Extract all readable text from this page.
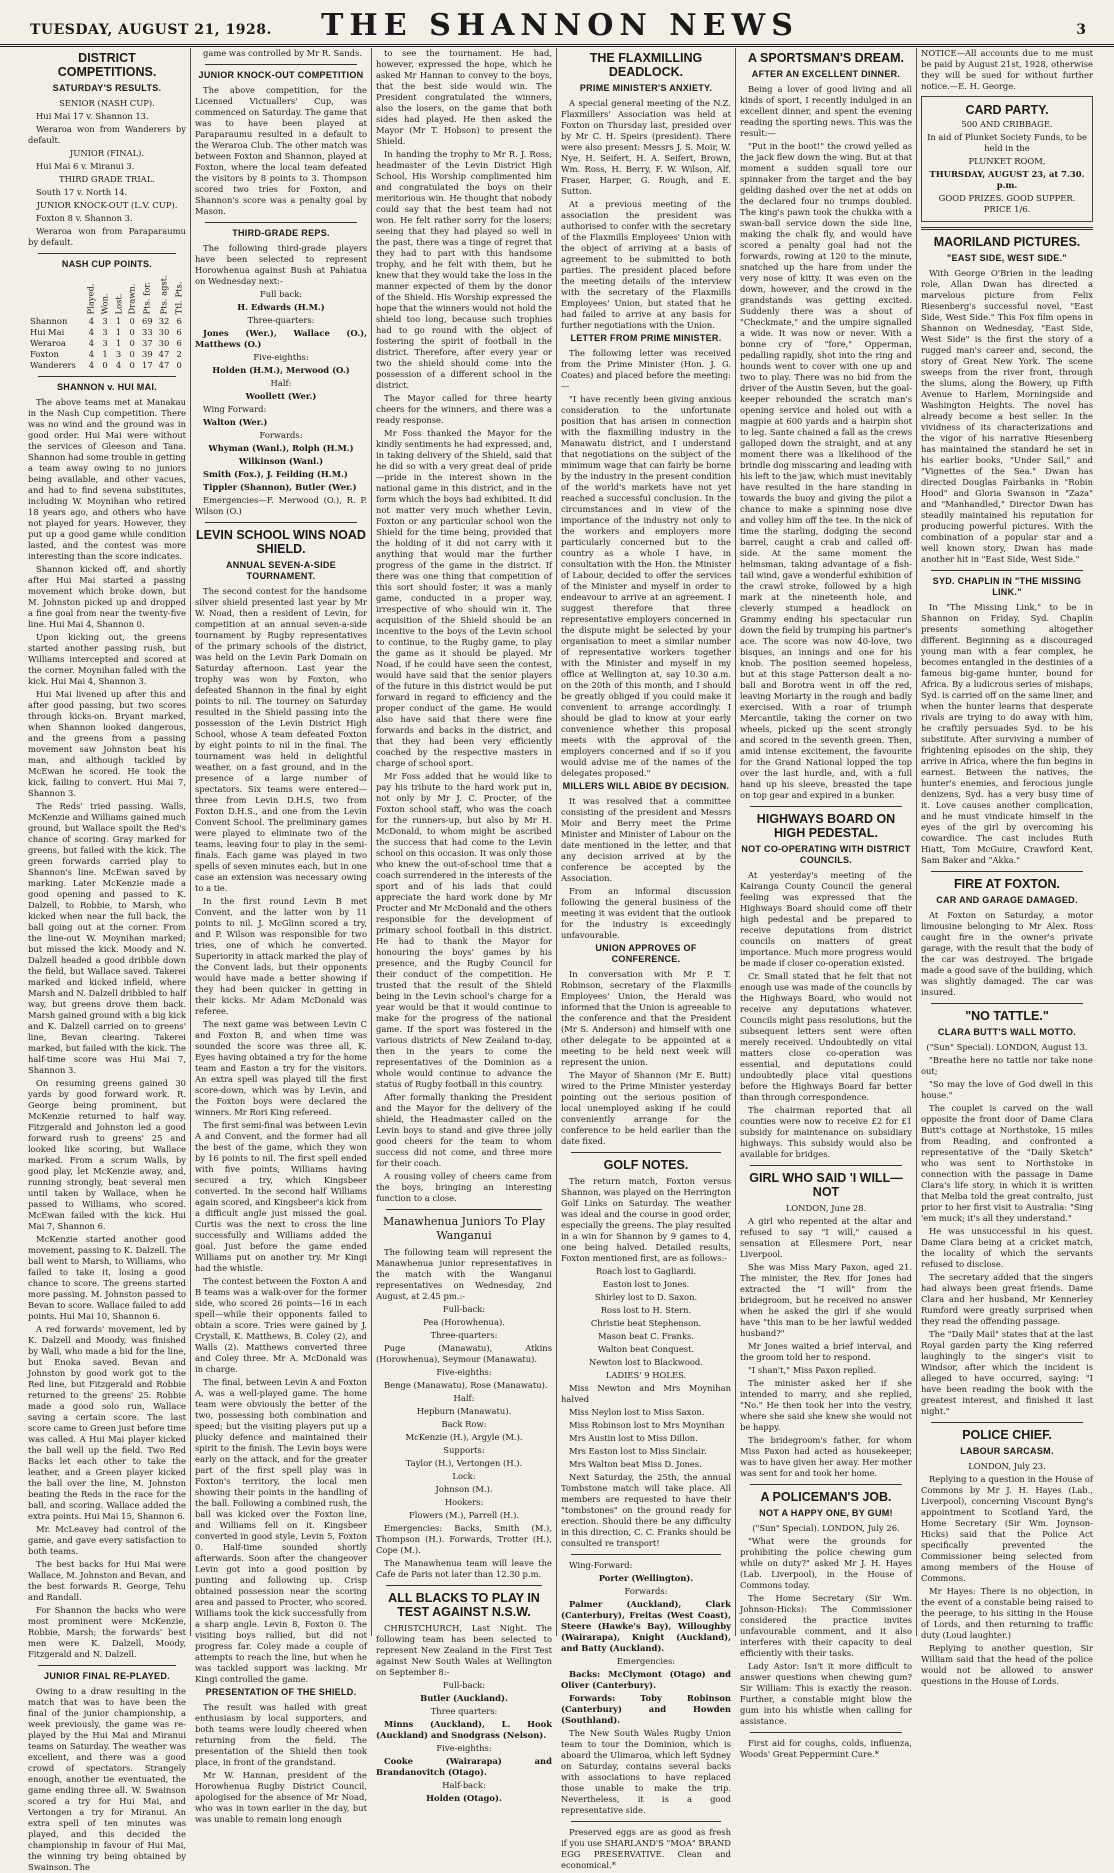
TUESDAY, AUGUST 21, 1928.	THE SHANNON NEWS	3
DISTRICT COMPETITIONS.
SATURDAY'S RESULTS.

SENIOR (NASH CUP).

Hui Mai 17 v. Shannon 13.

Weraroa won from Wanderers by default.

JUNIOR (FINAL).

Hui Mai 6 v. Miranui 3.

THIRD GRADE TRIAL.

South 17 v. North 14.

JUNIOR KNOCK-OUT (L.V. CUP).

Foxton 8 v. Shannon 3.

Weraroa won from Paraparaumu by default.

NASH CUP POINTS.
	Played.	Won.	Lost.	Drawn.	Pts. for.	Pts. agst.	Ttl. Pts.
Shannon	4	3	1	0	69	32	6
Hui Mai	4	3	1	0	33	30	6
Weraroa	4	3	1	0	37	30	6
Foxton	4	1	3	0	39	47	2
Wanderers	4	0	4	0	17	47	0
SHANNON v. HUI MAI.

The above teams met at Manakau in the Nash Cup competition. There was no wind and the ground was in good order. Hui Mai were without the services of Gleeson and Tana. Shannon had some trouble in getting a team away owing to no juniors being available, and other vacues, and had to find sevena substitutes, including W. Moynihan who retired 18 years ago, and others who have not played for years. However, they put up a good game while condition lasted, and the contest was more interesting than the score indicates.

Shannon kicked off, and shortly after Hui Mai started a passing movement which broke down, but M. Johnston picked up and dropped a fine goal from near the twenty-five line. Hui Mai 4, Shannon 0.

Upon kicking out, the greens started another passing rush, but Williams intercepted and scored at the corner. Moynihan failed with the kick. Hui Mai 4, Shannon 3.

Hui Mai livened up after this and after good passing, but two scores through kicks-on. Bryant marked, when Shannon looked dangerous, and the greens from a passing movement saw Johnston beat his man, and although tackled by McEwan he scored. He took the kick, failing to convert. Hui Mai 7, Shannon 3.

The Reds' tried passing. Walls, McKenzie and Williams gained much ground, but Wallace spoilt the Red's chance of scoring. Gray marked for greens, but failed with the kick. The green forwards carried play to Shannon's line. McEwan saved by marking. Later McKenzie made a good opening and passed to K. Dalzell, to Robbie, to Marsh, who kicked when near the full back, the ball going out at the corner. From the line-out W. Moynihan marked; but missed the kick. Moody and N. Dalzell headed a good dribble down the field, but Wallace saved. Takerei marked and kicked infield, where Marsh and N. Dalzell dribbled to half way, but greens drove them back. Marsh gained ground with a big kick and K. Dalzell carried on to greens' line, Bevan clearing. Takerei marked, but failed with the kick. The half-time score was Hui Mai 7, Shannon 3.

On resuming greens gained 30 yards by good forward work. R. George being prominent, but McKenzie returned to half way. Fitzgerald and Johnston led a good forward rush to greens' 25 and looked like scoring, but Wallace marked. From a scrum Walls, by good play, let McKenzie away, and, running strongly, beat several men until taken by Wallace, when he passed to Williams, who scored. McEwan failed with the kick. Hui Mai 7, Shannon 6.

McKenzie started another good movement, passing to K. Dalzell. The ball went to Marsh, to Williams, who failed to take it, losing a good chance to score. The greens started more passing. M. Johnston passed to Bevan to score. Wallace failed to add points. Hui Mai 10, Shannon 6.

A red forwards' movement, led by K. Dalzell and Moody, was finished by Wall, who made a bid for the line, but Enoka saved. Bevan and Johnston by good work got to the Red line, but Fitzgerald and Robbie returned to the greens' 25. Robbie made a good solo run, Wallace saving a certain score. The last score came to Green just before time was called. A Hui Mai player kicked the ball well up the field. Two Red Backs let each other to take the leather, and a Green player kicked the ball over the line, M. Johnston beating the Reds in the race for the ball, and scoring. Wallace added the extra points. Hui Mai 15, Shannon 6.

Mr. McLeavey had control of the game, and gave every satisfaction to both teams.

The best backs for Hui Mai were Wallace, M. Johnston and Bevan, and the best forwards R. George, Tehu and Randall.

For Shannon the backs who were most prominent were McKenzie, Robbie, Marsh; the forwards' best men were K. Dalzell, Moody, Fitzgerald and N. Dalzell.

JUNIOR FINAL RE-PLAYED.

Owing to a draw resulting in the match that was to have been the final of the junior championship, a week previously, the game was re-played by the Hui Mai and Miranui teams on Saturday. The weather was excellent, and there was a good crowd of spectators. Strangely enough, another tie eventuated, the game ending three all. W. Swainson scored a try for Hui Mai, and Vertongen a try for Miranui. An extra spell of ten minutes was played, and this decided the championship in favour of Hui Mai, the winning try being obtained by Swainson. The

game was controlled by Mr R. Sands.

JUNIOR KNOCK-OUT COMPETITION

The above competition, for the Licensed Victuallers' Cup, was commenced on Saturday. The game that was to have been played at Paraparaumu resulted in a default to the Weraroa Club. The other match was between Foxton and Shannon, played at Foxton, where the local team defeated the visitors by 8 points to 3. Thompson scored two tries for Foxton, and Shannon's score was a penalty goal by Mason.

THIRD-GRADE REPS.

The following third-grade players have been selected to represent Horowhenua against Bush at Pahiatua on Wednesday next:-

Full back:

H. Edwards (H.M.)

Three-quarters:

Jones (Wer.), Wallace (O.), Matthews (O.)

Five-eighths:

Holden (H.M.), Merwood (O.)

Half:

Woollett (Wer.)

Wing Forward:

Walton (Wer.)

Forwards:

Whyman (Wanl.), Rolph (H.M.)

Wilkinson (Wanl.)

Smith (Fox.), J. Feilding (H.M.)

Tippler (Shannon), Butler (Wer.)

Emergencies—F. Merwood (O.), R. P. Wilson (O.)

LEVIN SCHOOL WINS NOAD SHIELD.
ANNUAL SEVEN-A-SIDE TOURNAMENT.

The second contest for the handsome silver shield presented last year by Mr W. Noad, then a resident of Levin, for competition at an annual seven-a-side tournament by Rugby representatives of the primary schools of the district, was held on the Levin Park Domain on Saturday afternoon. Last year the trophy was won by Foxton, who defeated Shannon in the final by eight points to nil. The tourney on Saturday resulted in the Shield passing into the possession of the Levin District High School, whose A team defeated Foxton by eight points to nil in the final. The tournament was held in delightful weather, on a fast ground, and in the presence of a large number of spectators. Six teams were entered—three from Levin D.H.S, two from Foxton D.H.S., and one from the Levin Convent School. The preliminary games were played to eliminate two of the teams, leaving four to play in the semi-finals. Each game was played in two spells of seven minutes each, but in one case an extension was necessary owing to a tie.

In the first round Levin B met Convent, and the latter won by 11 points to nil. J. McGlinn scored a try, and P. Wilson was responsible for two tries, one of which he converted. Superiority in attack marked the play of the Convent lads, but their opponents would have made a better showing if they had been quicker in getting in their kicks. Mr Adam McDonald was referee.

The next game was between Levin C and Foxton B, and when time was sounded the score was three all, K. Eyes having obtained a try for the home team and Easton a try for the visitors. An extra spell was played till the first score-down, which was by Levin, and the Foxton boys were declared the winners. Mr Rori King refereed.

The first semi-final was between Levin A and Convent, and the former had all the best of the game, which they won by 16 points to nil. The first spell ended with five points, Williams having secured a try, which Kingsbeer converted. In the second half Williams again scored, and Kingsbeer's kick from a difficult angle just missed the goal. Curtis was the next to cross the line successfully and Williams added the goal. Just before the game ended Williams put on another try. Mr Kingi had the whistle.

The contest between the Foxton A and B teams was a walk-over for the former side, who scored 26 points—16 in each spell—while their opponents failed to obtain a score. Tries were gained by J. Crystall, K. Matthews, B. Coley (2), and Walls (2). Matthews converted three and Coley three. Mr A. McDonald was in charge.

The final, between Levin A and Foxton A, was a well-played game. The home team were obviously the better of the two, possessing both combination and speed; but the visiting players put up a plucky defence and maintained their spirit to the finish. The Levin boys were early on the attack, and for the greater part of the first spell play was in Foxton's territory, the local men showing their points in the handling of the ball. Following a combined rush, the ball was kicked over the Foxton line, and Williams fell on it. Kingsbeer converted in good style, Levin 5, Foxton 0. Half-time sounded shortly afterwards. Soon after the changeover Levin got into a good position by punting and following up. Crisp obtained possession near the scoring area and passed to Procter, who scored. Williams took the kick successfully from a sharp angle. Levin 8, Foxton 0. The visiting boys rallied, but did not progress far. Coley made a couple of attempts to reach the line, but when he was tackled support was lacking. Mr Kingi controlled the game.

PRESENTATION OF THE SHIELD.

The result was hailed with great enthusiasm by local supporters, and both teams were loudly cheered when returning from the field. The presentation of the Shield then took place, in front of the grandstand.

Mr W. Hannan, president of the Horowhenua Rugby District Council, apologised for the absence of Mr Noad, who was in town earlier in the day, but was unable to remain long enough

to see the tournament. He had, however, expressed the hope, which he asked Mr Hannan to convey to the boys, that the best side would win. The President congratulated the winners, also the losers, on the game that both sides had played. He then asked the Mayor (Mr T. Hobson) to present the Shield.

In handing the trophy to Mr R. J. Ross, headmaster of the Levin District High School, His Worship complimented him and congratulated the boys on their meritorious win. He thought that nobody could say that the best team had not won. He felt rather sorry for the losers; seeing that they had played so well in the past, there was a tinge of regret that they had to part with this handsome trophy, and he felt with them, but he knew that they would take the loss in the manner expected of them by the donor of the Shield. His Worship expressed the hope that the winners would not hold the shield too long, because such trophies had to go round with the object of fostering the spirit of football in the district. Therefore, after every year or two the shield should come into the possession of a different school in the district.

The Mayor called for three hearty cheers for the winners, and there was a ready response.

Mr Foss thanked the Mayor for the kindly sentiments he had expressed, and, in taking delivery of the Shield, said that he did so with a very great deal of pride—pride in the interest shown in the national game in this district, and in the form which the boys had exhibited. It did not matter very much whether Levin, Foxton or any particular school won the Shield for the time being, provided that the holding of it did not carry with it anything that would mar the further progress of the game in the district. If there was one thing that competition of this sort should foster, it was a manly game, conducted in a proper way, irrespective of who should win it. The acquisition of the Shield should be an incentive to the boys of the Levin school to continue, to the Rugby game, to play the game as it should be played. Mr Noad, if he could have seen the contest, would have said that the senior players of the future in this district would be put forward in regard to efficiency and the proper conduct of the game. He would also have said that there were fine forwards and backs in the district, and that they had been very efficiently coached by the respective masters in charge of school sport.

Mr Foss added that he would like to pay his tribute to the hard work put in, not only by Mr J. C. Procter, of the Foxton school staff, who was the coach for the runners-up, but also by Mr H. McDonald, to whom might be ascribed the success that had come to the Levin school on this occasion. It was only those who knew the out-of-school time that a coach surrendered in the interests of the sport and of his lads that could appreciate the hard work done by Mr Procter and Mr McDonald and the others responsible for the development of primary school football in this district. He had to thank the Mayor for honouring the boys' games by his presence, and the Rugby Council for their conduct of the competition. He trusted that the result of the Shield being in the Levin school's charge for a year would be that it would continue to make for the progress of the national game. If the sport was fostered in the various districts of New Zealand to-day, then in the years to come the representatives of the Dominion as a whole would continue to advance the status of Rugby football in this country.

After formally thanking the President and the Mayor for the delivery of the shield, the Headmaster called on the Levin boys to stand and give three jolly good cheers for the team to whom success did not come, and three more for their coach.

A rousing volley of cheers came from the boys, bringing an interesting function to a close.

Manawhenua Juniors To Play Wanganui

The following team will represent the Manawhenua junior representatives in the match with the Wanganui representatives on Wednesday, 2nd August, at 2.45 pm.:-

Full-back:

Pea (Horowhenua).

Three-quarters:

Puge (Manawatu), Atkins (Horowhenua), Seymour (Manawatu).

Five-eighths:

Benge (Manawatu), Rose (Manawatu).

Half:

Hepburn (Manawatu).

Back Row:

McKenzie (H.), Argyle (M.).

Supports:

Taylor (H.), Vertongen (H.).

Lock:

Johnson (M.).

Hookers:

Flowers (M.), Parrell (H.).

Emergencies: Backs, Smith (M.), Thompson (H.). Forwards, Trotter (H.), Cope (M.).

The Manawhenua team will leave the Cafe de Paris not later than 12.30 p.m.

ALL BLACKS TO PLAY IN TEST AGAINST N.S.W.

CHRISTCHURCH, Last Night. The following team has been selected to represent New Zealand in the First Test against New South Wales at Wellington on September 8:-

Full-back:

Butler (Auckland).

Three quarters:

Minns (Auckland), L. Hook (Auckland) and Snodgrass (Nelson).

Five-eighths:

Cooke (Wairarapa) and Brandanovitch (Otago).

Half-back:

Holden (Otago).

THE FLAXMILLING DEADLOCK.
PRIME MINISTER'S ANXIETY.

A special general meeting of the N.Z. Flaxmillers' Association was held at Foxton on Thursday last, presided over by Mr C. H. Speirs (president). There were also present: Messrs J. S. Moir, W. Nye, H. Seifert, H. A. Seifert, Brown, Wm. Ross, H. Berry, F. W. Wilson, Alf. Fraser, Harper, G. Rough, and E. Sutton.

At a previous meeting of the association the president was authorised to confer with the secretary of the Flaxmills Employees' Union with the object of arriving at a basis of agreement to be submitted to both parties. The president placed before the meeting details of the interview with the secretary of the Flaxmills Employees' Union, but stated that he had failed to arrive at any basis for further negotiations with the Union.

LETTER FROM PRIME MINISTER.

The following letter was received from the Prime Minister (Hon. J. G. Coates) and placed before the meeting:—

"I have recently been giving anxious consideration to the unfortunate position that has arisen in connection with the flaxmilling industry in the Manawatu district, and I understand that negotiations on the subject of the minimum wage that can fairly be borne by the industry in the present condition of the world's markets have not yet reached a successful conclusion. In the circumstances and in view of the importance of the industry not only to the workers and employers more particularly concerned but to the country as a whole I have, in consultation with the Hon. the Minister of Labour, decided to offer the services of the Minister and myself in order to endeavour to arrive at an agreement. I suggest therefore that three representative employers concerned in the dispute might be selected by your organisation to meet a similar number of representative workers together with the Minister and myself in my office at Wellington at, say 10.30 a.m. on the 20th of this month, and I should be greatly obliged if you could make it convenient to arrange accordingly. I should be glad to know at your early convenience whether this proposal meets with the approval of the employers concerned and if so if you would advise me of the names of the delegates proposed."

MILLERS WILL ABIDE BY DECISION.

It was resolved that a committee consisting of the president and Messrs Moir and Berry meet the Prime Minister and Minister of Labour on the date mentioned in the letter, and that any decision arrived at by the conference be accepted by the Association.

From an informal discussion following the general business of the meeting it was evident that the outlook for the industry is exceedingly unfavourable.

UNION APPROVES OF CONFERENCE.

In conversation with Mr P. T. Robinson, secretary of the Flaxmills Employees' Union, the Herald was informed that the Union is agreeable to the conference and that the President (Mr S. Anderson) and himself with one other delegate to be appointed at a meeting to be held next week will represent the union.

The Mayor of Shannon (Mr E. Butt) wired to the Prime Minister yesterday pointing out the serious position of local unemployed asking if he could conveniently arrange for the conference to be held earlier than the date fixed.

GOLF NOTES.

The return match, Foxton versus Shannon, was played on the Herrington Golf Links on Saturday. The weather was ideal and the course in good order, especially the greens. The play resulted in a win for Shannon by 9 games to 4, one being halved. Detailed results, Foxton mentioned first, are as follows:-

Roach lost to Gagliardi.

Easton lost to Jones.

Shirley lost to D. Saxon.

Ross lost to H. Stern.

Christie beat Stephenson.

Mason beat C. Franks.

Walton beat Conquest.

Newton lost to Blackwood.

LADIES' 9 HOLES.

Miss Newton and Mrs Moynihan halved

Miss Neylon lost to Miss Saxon.

Miss Robinson lost to Mrs Moynihan

Mrs Austin lost to Miss Dillon.

Mrs Easton lost to Miss Sinclair.

Mrs Walton beat Miss D. Jones.

Next Saturday, the 25th, the annual Tombstone match will take place. All members are requested to have their "tombstones" on the ground ready for erection. Should there be any difficulty in this direction, C. C. Franks should be consulted re transport!

Wing-Forward:

Porter (Wellington).

Forwards:

Palmer (Auckland), Clark (Canterbury), Freitas (West Coast), Steere (Hawke's Bay), Willoughby (Wairarapa), Knight (Auckland), and Batty (Auckland).

Emergencies:

Backs: McClymont (Otago) and Oliver (Canterbury).

Forwards: Toby Robinson (Canterbury) and Howden (Southland).

The New South Wales Rugby Union team to tour the Dominion, which is aboard the Ulimaroa, which left Sydney on Saturday, contains several backs with associations to have replaced those unable to make the trip. Nevertheless, it is a good representative side.

Preserved eggs are as good as fresh if you use SHARLAND'S "MOA" BRAND EGG PRESERVATIVE. Clean and economical.*

A SPORTSMAN'S DREAM.
AFTER AN EXCELLENT DINNER.

Being a lover of good living and all kinds of sport, I recently indulged in an excellent dinner, and spent the evening reading the sporting news. This was the result:—

"Put in the boot!" the crowd yelled as the jack flew down the wing. But at that moment a sudden squall tore our spinnaker from the target and the bay gelding dashed over the net at odds on the declared four no trumps doubled. The king's pawn took the chukka with a swan-ball service down the side line, making the chalk fly, and would have scored a penalty goal had not the forwards, rowing at 120 to the minute, snatched up the hare from under the very nose of kitty. It was even on the down, however, and the crowd in the grandstands was getting excited. Suddenly there was a shout of "Checkmate," and the umpire signalled a wide. It was now or never. With a bonne cry of "fore," Opperman, pedalling rapidly, shot into the ring and hounds went to cover with one up and two to play. There was no bid from the driver of the Austin Seven, but the goal-keeper rebounded the scratch man's opening service and holed out with a magpie at 600 yards and a hairpin shot to leg. Sante chained a fall as the crews galloped down the straight, and at any moment there was a likelihood of the brindle dog misscaring and leading with his left to the jaw, which must inevitably have resulted in the hare standing in towards the buoy and giving the pilot a chance to make a spinning nose dive and volley him off the tee. In the nick of time the starling, dodging the second barrel, caught a crab and called off-side. At the same moment the helmsman, taking advantage of a fish-tail wind, gave a wonderful exhibition of the crawl stroke, followed by a high mark at the nineteenth hole, and cleverly stumped a headlock on Grammy ending his spectacular run down the field by trumping his partner's ace. The score was now 40-love, two bisques, an innings and one for his knob. The position seemed hopeless, but at this stage Patterson dealt a no-ball and Borotra went in off the red, leaving Moriarty in the rough and badly exercised. With a roar of triumph Mercantile, taking the corner on two wheels, picked up the scent strongly and scored in the seventh green. Then, amid intense excitement, the favourite for the Grand National lopped the top over the last hurdle, and, with a full hand up his sleeve, breasted the tape on top gear and expired in a bunker.

HIGHWAYS BOARD ON HIGH PEDESTAL.
NOT CO-OPERATING WITH DISTRICT COUNCILS.

At yesterday's meeting of the Kairanga County Council the general feeling was expressed that the Highways Board should come off their high pedestal and be prepared to receive deputations from district councils on matters of great importance. Much more progress would be made if closer co-operation existed.

Cr. Small stated that he felt that not enough use was made of the councils by the Highways Board, who would not receive any deputations whatever. Councils might pass resolutions, but the subsequent letters sent were often merely received. Undoubtedly on vital matters close co-operation was essential, and deputations could undoubtedly place vital questions before the Highways Board far better than through correspondence.

The chairman reported that all counties were now to receive £2 for £1 subsidy for maintenance on subsidiary highways. This subsidy would also be available for bridges.

GIRL WHO SAID 'I WILL—NOT

LONDON, June 28.

A girl who repented at the altar and refused to say "I will," caused a sensation at Ellesmere Port, near Liverpool.

She was Miss Mary Paxon, aged 21. The minister, the Rev. Ifor Jones had extracted the "I will" from the bridegroom, but he received no answer when he asked the girl if she would have "this man to be her lawful wedded husband?"

Mr Jones waited a brief interval, and the groom told her to respond.

"I shan't," Miss Paxon replied.

The minister asked her if she intended to marry, and she replied, "No." He then took her into the vestry, where she said she knew she would not be happy.

The bridegroom's father, for whom Miss Paxon had acted as housekeeper, was to have given her away. Her mother was sent for and took her home.

A POLICEMAN'S JOB.
NOT A HAPPY ONE, BY GUM!

("Sun" Special). LONDON, July 26.

"What were the grounds for prohibiting the police chewing gum while on duty?" asked Mr J. H. Hayes (Lab. Liverpool), in the House of Commons today.

The Home Secretary (Sir Wm. Johnson-Hicks): The Commissioner considered the practice invites unfavourable comment, and it also interferes with their capacity to deal efficiently with their tasks.

Lady Astor: Isn't it more difficult to answer questions when chewing gum? Sir William: This is exactly the reason. Further, a constable might blow the gum into his whistle when calling for assistance.

First aid for coughs, colds, influenza, Woods' Great Peppermint Cure.*

NOTICE—All accounts due to me must be paid by August 21st, 1928, otherwise they will be sued for without further notice.—E. H. George.

CARD PARTY.

500 AND CRIBBAGE.

In aid of Plunket Society Funds, to be held in the

PLUNKET ROOM,

THURSDAY, AUGUST 23, at 7.30. p.m.

GOOD PRIZES. GOOD SUPPER. PRICE 1/6.

MAORILAND PICTURES.
"EAST SIDE, WEST SIDE."

With George O'Brien in the leading role, Allan Dwan has directed a marvelous picture from Felix Riesenberg's successful novel, "East Side, West Side." This Fox film opens in Shannon on Wednesday, "East Side, West Side" is the first the story of a rugged man's career and, second, the story of Great New York. The scene sweeps from the river front, through the slums, along the Bowery, up Fifth Avenue to Harlem, Morningside and Washington Heights. The novel has already become a best seller. In the vividness of its characterizations and the vigor of his narrative Riesenberg has maintained the standard he set in his earlier books, "Under Sail," and "Vignettes of the Sea." Dwan has directed Douglas Fairbanks in "Robin Hood" and Gloria Swanson in "Zaza" and "Manhandled," Director Dwan has steadily maintained his reputation for producing powerful pictures. With the combination of a popular star and a well known story, Dwan has made another hit in "East Side, West Side."

SYD. CHAPLIN IN "THE MISSING LINK."

In "The Missing Link," to be in Shannon on Friday, Syd. Chaplin presents something altogether different. Beginning as a discouraged young man with a fear complex, he becomes entangled in the destinies of a famous big-game hunter, bound for Africa. By a ludicrous series of mishaps, Syd. is carried off on the same liner, and when the hunter learns that desperate rivals are trying to do away with him, he craftily persuades Syd. to be his substitute. After surviving a number of frightening episodes on the ship, they arrive in Africa, where the fun begins in earnest. Between the natives, the hunter's enemies, and ferocious jungle denizens, Syd. has a very busy time of it. Love causes another complication, and he must vindicate himself in the eyes of the girl by overcoming his cowardice. The cast includes Ruth Hiatt, Tom McGuire, Crawford Kent, Sam Baker and "Akka."

FIRE AT FOXTON.
CAR AND GARAGE DAMAGED.

At Foxton on Saturday, a motor limousine belonging to Mr Alex. Ross caught fire in the owner's private garage, with the result that the body of the car was destroyed. The brigade made a good save of the building, which was slightly damaged. The car was insured.

"NO TATTLE."
CLARA BUTT'S WALL MOTTO.

("Sun" Special). LONDON, August 13.

"Breathe here no tattle nor take none out;

"So may the love of God dwell in this house."

The couplet is carved on the wall opposite the front door of Dame Clara Butt's cottage at Northstoke, 15 miles from Reading, and confronted a representative of the "Daily Sketch" who was sent to Northstoke in connection with the passage in Dame Clara's life story, in which it is written that Melba told the great contralto, just prior to her first visit to Australia: "Sing 'em muck; it's all they understand."

He was unsuccessful in his quest. Dame Clara being at a cricket match, the locality of which the servants refused to disclose.

The secretary added that the singers had always been great friends. Dame Clara and her husband, Mr Kennerley Rumford were greatly surprised when they read the offending passage.

The "Daily Mail" states that at the last Royal garden party the King referred laughingly to the singer's visit to Windsor, after which the incident is alleged to have occurred, saying: "I have been reading the book with the greatest interest, and finished it last night."

POLICE CHIEF.
LABOUR SARCASM.

LONDON, July 23.

Replying to a question in the House of Commons by Mr J. H. Hayes (Lab., Liverpool), concerning Viscount Byng's appointment to Scotland Yard, the Home Secretary (Sir Wm. Joynson-Hicks) said that the Police Act specifically prevented the Commissioner being selected from among members of the House of Commons.

Mr Hayes: There is no objection, in the event of a constable being raised to the peerage, to his sitting in the House of Lords, and then returning to traffic duty (Loud laughter.)

Replying to another question, Sir William said that the head of the police would not be allowed to answer questions in the House of Lords.
